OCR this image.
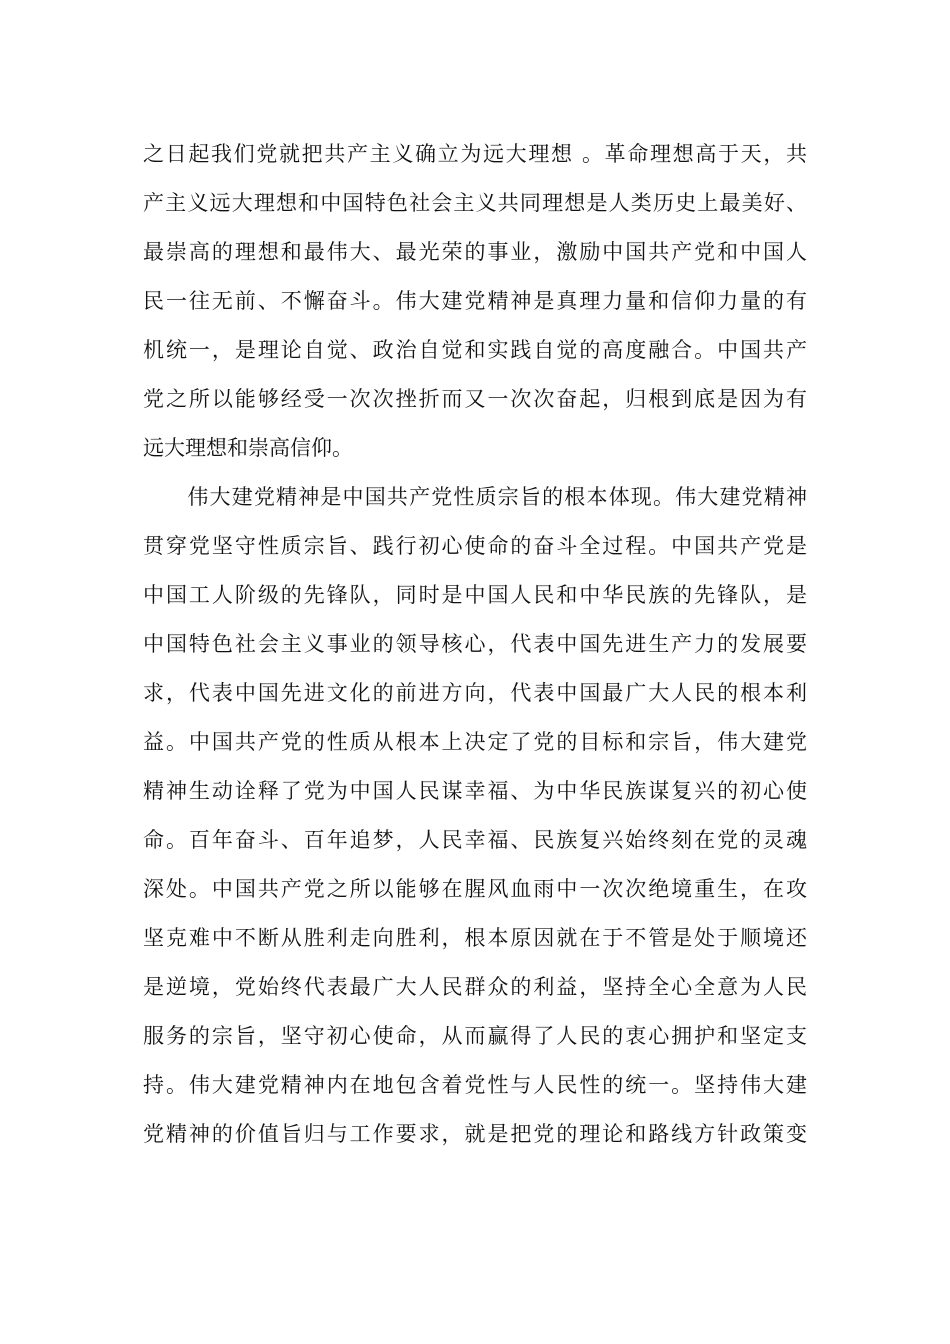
之日起我们党就把共产主义确立为远大理想 。革命理想高于天，共
产主义远大理想和中国特色社会主义共同理想是人类历史上最美好、
最崇高的理想和最伟大、最光荣的事业，激励中国共产党和中国人
民一往无前、不懈奋斗。伟大建党精神是真理力量和信仰力量的有
机统一，是理论自觉、政治自觉和实践自觉的高度融合。中国共产
党之所以能够经受一次次挫折而又一次次奋起，归根到底是因为有
远大理想和崇高信仰。
　　伟大建党精神是中国共产党性质宗旨的根本体现。伟大建党精神
贯穿党坚守性质宗旨、践行初心使命的奋斗全过程。中国共产党是
中国工人阶级的先锋队，同时是中国人民和中华民族的先锋队，是
中国特色社会主义事业的领导核心，代表中国先进生产力的发展要
求，代表中国先进文化的前进方向，代表中国最广大人民的根本利
益。中国共产党的性质从根本上决定了党的目标和宗旨，伟大建党
精神生动诠释了党为中国人民谋幸福、为中华民族谋复兴的初心使
命。百年奋斗、百年追梦，人民幸福、民族复兴始终刻在党的灵魂
深处。中国共产党之所以能够在腥风血雨中一次次绝境重生，在攻
坚克难中不断从胜利走向胜利，根本原因就在于不管是处于顺境还
是逆境，党始终代表最广大人民群众的利益，坚持全心全意为人民
服务的宗旨，坚守初心使命，从而赢得了人民的衷心拥护和坚定支
持。伟大建党精神内在地包含着党性与人民性的统一。坚持伟大建
党精神的价值旨归与工作要求，就是把党的理论和路线方针政策变
